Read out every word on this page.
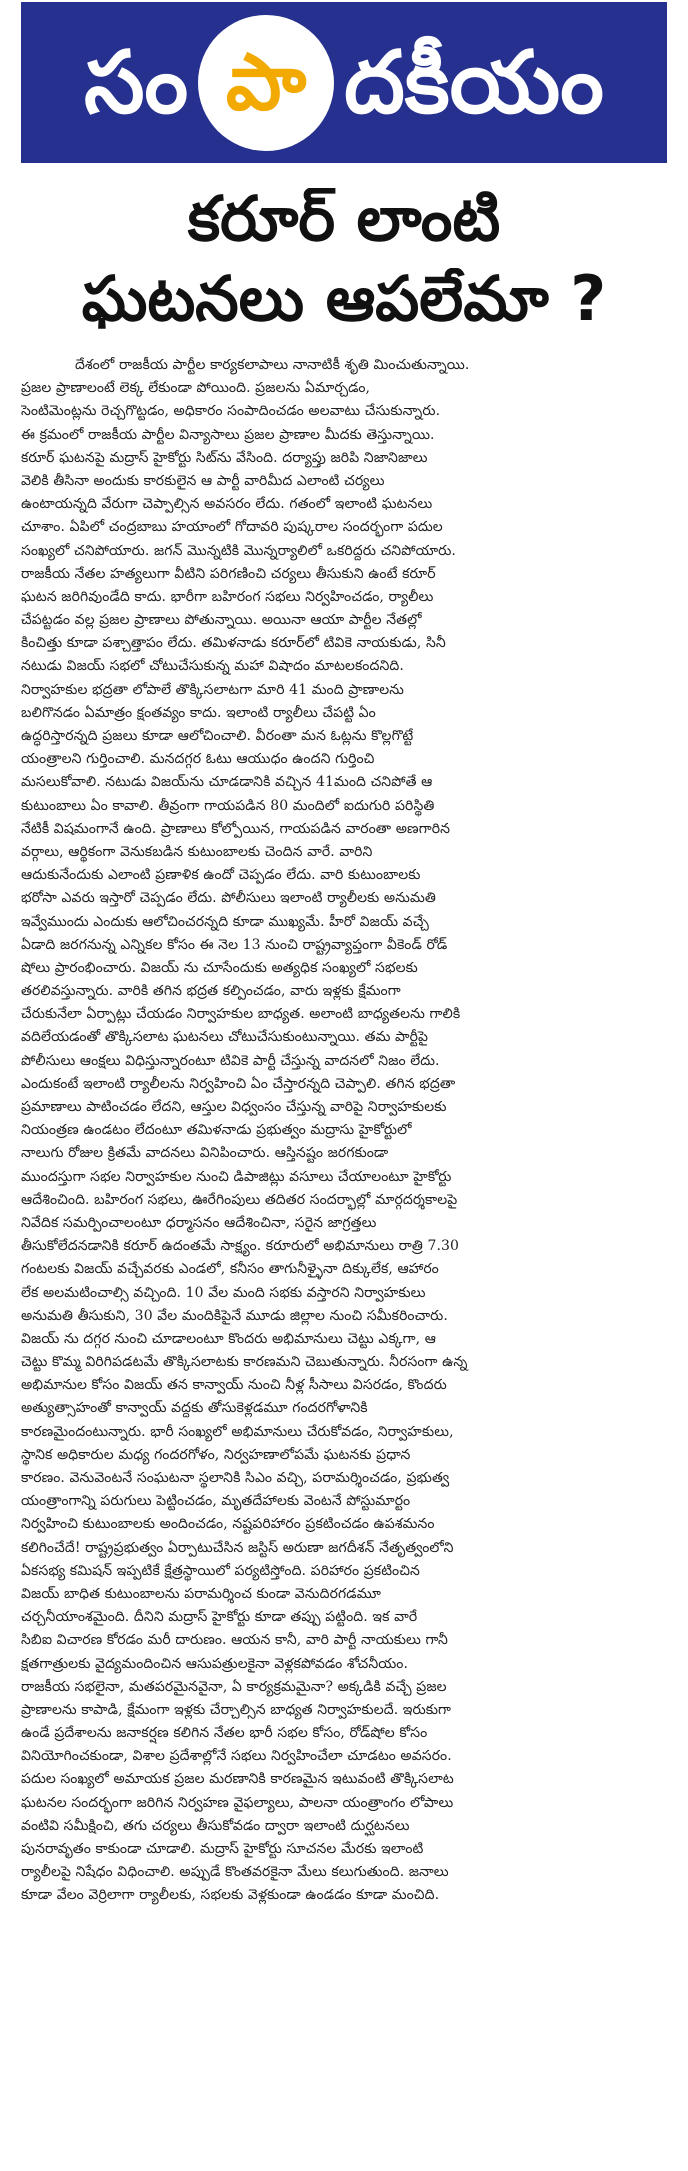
సం పా దకీయం
కరూర్ లాంటి
ఘటనలు ఆపలేమా ?
దేశంలో రాజకీయ పార్టీల కార్యకలాపాలు నానాటికీ శృతి మించుతున్నాయి.
ప్రజల ప్రాణాలంటే లెక్క లేకుండా పోయింది. ప్రజలను ఏమార్చడం,
సెంటిమెంట్లను రెచ్చగొట్టడం, అధికారం సంపాదించడం అలవాటు చేసుకున్నారు.
ఈ క్రమంలో రాజకీయ పార్టీల విన్యాసాలు ప్రజల ప్రాణాల మీదకు తెస్తున్నాయి.
కరూర్ ఘటనపై మద్రాస్ హైకోర్టు సిట్‌ను వేసింది. దర్యాప్తు జరిపి నిజానిజాలు
వెలికి తీసినా అందుకు కారకులైన ఆ పార్టీ వారిమీద ఎలాంటి చర్యలు
ఉంటాయన్నది వేరుగా చెప్పాల్సిన అవసరం లేదు. గతంలో ఇలాంటి ఘటనలు
చూశాం. ఏపిలో చంద్రబాబు హయాంలో గోదావరి పుష్కరాల సందర్భంగా పదుల
సంఖ్యలో చనిపోయారు. జగన్ మొన్నటికి మొన్నర్యాలిలో ఒకరిద్దరు చనిపోయారు.
రాజకీయ నేతల హత్యలుగా వీటిని పరిగణించి చర్యలు తీసుకుని ఉంటే కరూర్
ఘటన జరిగివుండేది కాదు. భారీగా బహిరంగ సభలు నిర్వహించడం, ర్యాలీలు
చేపట్టడం వల్ల ప్రజల ప్రాణాలు పోతున్నాయి. అయినా ఆయా పార్టీల నేతల్లో
కించిత్తు కూడా పశ్చాత్తాపం లేదు. తమిళనాడు కరూర్‌లో టివికె నాయకుడు, సినీ
నటుడు విజయ్ సభలో చోటుచేసుకున్న మహా విషాదం మాటలకందనిది.
నిర్వాహకుల భద్రతా లోపాలే తొక్కిసలాటగా మారి 41 మంది ప్రాణాలను
బలిగొనడం ఏమాత్రం క్షంతవ్యం కాదు. ఇలాంటి ర్యాలీలు చేపట్టి ఏం
ఉద్ధరిస్తారన్నది ప్రజలు కూడా ఆలోచించాలి. వీరంతా మన ఓట్లను కొల్లగొట్టే
యంత్రాలని గుర్తించాలి. మనదగ్గర ఓటు ఆయుధం ఉందని గుర్తించి
మసలుకోవాలి. నటుడు విజయ్‌ను చూడడానికి వచ్చిన 41మంది చనిపోతే ఆ
కుటుంబాలు ఏం కావాలి. తీవ్రంగా గాయపడిన 80 మందిలో ఐదుగురి పరిస్థితి
నేటికీ విషమంగానే ఉంది. ప్రాణాలు కోల్పోయిన, గాయపడిన వారంతా అణగారిన
వర్గాలు, ఆర్థికంగా వెనుకబడిన కుటుంబాలకు చెందిన వారే. వారిని
ఆదుకునేందుకు ఎలాంటి ప్రణాళిక ఉందో చెప్పడం లేదు. వారి కుటుంబాలకు
భరోసా ఎవరు ఇస్తారో చెప్పడం లేదు. పోలీసులు ఇలాంటి ర్యాలీలకు అనుమతి
ఇవ్వేముందు ఎందుకు ఆలోచించరన్నది కూడా ముఖ్యమే. హీరో విజయ్ వచ్చే
ఏడాది జరగనున్న ఎన్నికల కోసం ఈ నెల 13 నుంచి రాష్ట్రవ్యాప్తంగా వీకెండ్ రోడ్
షోలు ప్రారంభించారు. విజయ్ ను చూసేందుకు అత్యధిక సంఖ్యలో సభలకు
తరలివస్తున్నారు. వారికి తగిన భద్రత కల్పించడం, వారు ఇళ్లకు క్షేమంగా
చేరుకునేలా ఏర్పాట్లు చేయడం నిర్వాహకుల బాధ్యత. అలాంటి బాధ్యతలను గాలికి
వదిలేయడంతో తొక్కిసలాట ఘటనలు చోటుచేసుకుంటున్నాయి. తమ పార్టీపై
పోలీసులు ఆంక్షలు విధిస్తున్నారంటూ టివికె పార్టీ చేస్తున్న వాదనలో నిజం లేదు.
ఎందుకంటే ఇలాంటి ర్యాలీలను నిర్వహించి ఏం చేస్తారన్నది చెప్పాలి. తగిన భద్రతా
ప్రమాణాలు పాటించడం లేదని, ఆస్తుల విధ్వంసం చేస్తున్న వారిపై నిర్వాహకులకు
నియంత్రణ ఉండటం లేదంటూ తమిళనాడు ప్రభుత్వం మద్రాసు హైకోర్టులో
నాలుగు రోజుల క్రితమే వాదనలు వినిపించారు. ఆస్తినష్టం జరగకుండా
ముందస్తుగా సభల నిర్వాహకుల నుంచి డిపాజిట్లు వసూలు చేయాలంటూ హైకోర్టు
ఆదేశించింది. బహిరంగ సభలు, ఊరేగింపులు తదితర సందర్భాల్లో మార్గదర్శకాలపై
నివేదిక సమర్పించాలంటూ ధర్మాసనం ఆదేశించినా, సరైన జాగ్రత్తలు
తీసుకోలేదనడానికి కరూర్ ఉదంతమే సాక్ష్యం. కరూరులో అభిమానులు రాత్రి 7.30
గంటలకు విజయ్ వచ్చేవరకు ఎండలో, కనీసం తాగునీళ్ళైనా దిక్కులేక, ఆహారం
లేక అలమటించాల్సి వచ్చింది. 10 వేల మంది సభకు వస్తారని నిర్వాహకులు
అనుమతి తీసుకుని, 30 వేల మందికిపైనే మూడు జిల్లాల నుంచి సమీకరించారు.
విజయ్ ను దగ్గర నుంచి చూడాలంటూ కొందరు అభిమానులు చెట్టు ఎక్కగా, ఆ
చెట్టు కొమ్మ విరిగిపడటమే తొక్కిసలాటకు కారణమని చెబుతున్నారు. నీరసంగా ఉన్న
అభిమానుల కోసం విజయ్ తన కాన్వాయ్ నుంచి నీళ్ల సీసాలు విసరడం, కొందరు
అత్యుత్సాహంతో కాన్వాయ్ వద్దకు తోసుకెళ్లడమూ గందరగోళానికి
కారణమైందంటున్నారు. భారీ సంఖ్యలో అభిమానులు చేరుకోవడం, నిర్వాహకులు,
స్థానిక అధికారుల మధ్య గందరగోళం, నిర్వహణాలోపమే ఘటనకు ప్రధాన
కారణం. వెనువెంటనే సంఘటనా స్థలానికి సిఎం వచ్చి, పరామర్శించడం, ప్రభుత్వ
యంత్రాంగాన్ని పరుగులు పెట్టించడం, మృతదేహాలకు వెంటనే పోస్టుమార్టం
నిర్వహించి కుటుంబాలకు అందించడం, నష్టపరిహారం ప్రకటించడం ఉపశమనం
కలిగించేదే! రాష్ట్రప్రభుత్వం ఏర్పాటుచేసిన జస్టిస్ అరుణా జగదీశన్ నేతృత్వంలోని
ఏకసభ్య కమిషన్ ఇప్పటికే క్షేత్రస్థాయిలో పర్యటిస్తోంది. పరిహారం ప్రకటించిన
విజయ్ బాధిత కుటుంబాలను పరామర్శించ కుండా వెనుదిరగడమూ
చర్చనీయాంశమైంది. దీనిని మద్రాస్ హైకోర్టు కూడా తప్పు పట్టింది. ఇక వారే
సిబిఐ విచారణ కోరడం మరీ దారుణం. ఆయన కానీ, వారి పార్టీ నాయకులు గానీ
క్షతగాత్రులకు వైద్యమందించిన ఆసుపత్రులకైనా వెళ్లకపోవడం శోచనీయం.
రాజకీయ సభలైనా, మతపరమైనవైనా, ఏ కార్యక్రమమైనా? అక్కడికి వచ్చే ప్రజల
ప్రాణాలను కాపాడి, క్షేమంగా ఇళ్లకు చేర్చాల్సిన బాధ్యత నిర్వాహకులదే. ఇరుకుగా
ఉండే ప్రదేశాలను జనాకర్షణ కలిగిన నేతల భారీ సభల కోసం, రోడ్‌షోల కోసం
వినియోగించకుండా, విశాల ప్రదేశాల్లోనే సభలు నిర్వహించేలా చూడటం అవసరం.
పదుల సంఖ్యలో అమాయక ప్రజల మరణానికి కారణమైన ఇటువంటి తొక్కిసలాట
ఘటనల సందర్భంగా జరిగిన నిర్వహణ వైఫల్యాలు, పాలనా యంత్రాంగం లోపాలు
వంటివి సమీక్షించి, తగు చర్యలు తీసుకోవడం ద్వారా ఇలాంటి దుర్ఘటనలు
పునరావృతం కాకుండా చూడాలి. మద్రాస్ హైకోర్టు సూచనల మేరకు ఇలాంటి
ర్యాలీలపై నిషేధం విధించాలి. అప్పుడే కొంతవరకైనా మేలు కలుగుతుంది. జనాలు
కూడా వేలం వెర్రిలాగా ర్యాలీలకు, సభలకు వెళ్లకుండా ఉండడం కూడా మంచిది.
